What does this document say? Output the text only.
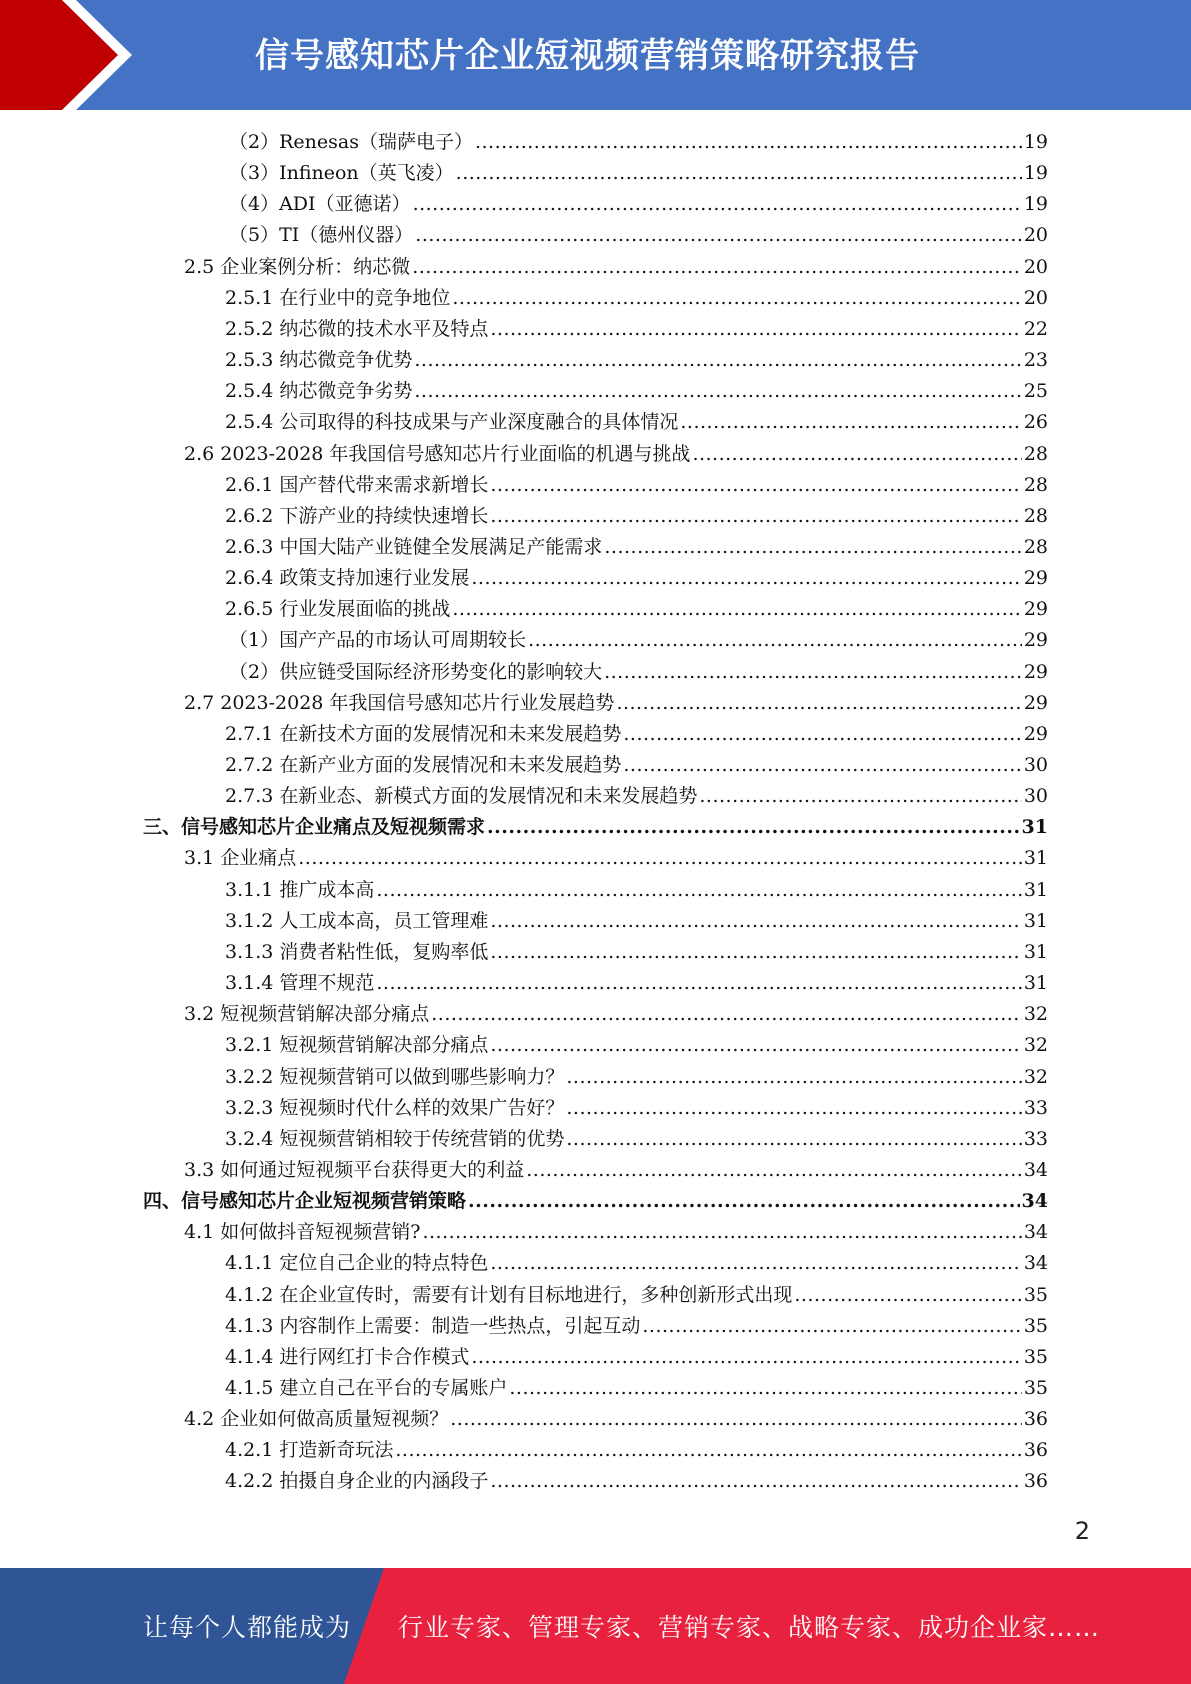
信号感知芯片企业短视频营销策略研究报告
（2）Renesas（瑞萨电子） .....	19
（3）Infineon（英飞凌） .....	19
（4）ADI（亚德诺） .....	19
（5）TI（德州仪器） .....	20
2.5 企业案例分析：纳芯微 .....	20
2.5.1 在行业中的竞争地位 .....	20
2.5.2 纳芯微的技术水平及特点 .....	22
2.5.3 纳芯微竞争优势 .....	23
2.5.4 纳芯微竞争劣势 .....	25
2.5.4 公司取得的科技成果与产业深度融合的具体情况 .....	26
2.6 2023-2028 年我国信号感知芯片行业面临的机遇与挑战 .....	28
2.6.1 国产替代带来需求新增长 .....	28
2.6.2 下游产业的持续快速增长 .....	28
2.6.3 中国大陆产业链健全发展满足产能需求 .....	28
2.6.4 政策支持加速行业发展 .....	29
2.6.5 行业发展面临的挑战 .....	29
（1）国产产品的市场认可周期较长 .....	29
（2）供应链受国际经济形势变化的影响较大 .....	29
2.7 2023-2028 年我国信号感知芯片行业发展趋势 .....	29
2.7.1 在新技术方面的发展情况和未来发展趋势 .....	29
2.7.2 在新产业方面的发展情况和未来发展趋势 .....	30
2.7.3 在新业态、新模式方面的发展情况和未来发展趋势 .....	30
三、信号感知芯片企业痛点及短视频需求 .....	31
3.1 企业痛点 .....	31
3.1.1 推广成本高 .....	31
3.1.2 人工成本高，员工管理难 .....	31
3.1.3 消费者粘性低，复购率低 .....	31
3.1.4 管理不规范 .....	31
3.2 短视频营销解决部分痛点 .....	32
3.2.1 短视频营销解决部分痛点 .....	32
3.2.2 短视频营销可以做到哪些影响力？ .....	32
3.2.3 短视频时代什么样的效果广告好？ .....	33
3.2.4 短视频营销相较于传统营销的优势 .....	33
3.3 如何通过短视频平台获得更大的利益 .....	34
四、信号感知芯片企业短视频营销策略 .....	34
4.1 如何做抖音短视频营销? .....	34
4.1.1 定位自己企业的特点特色 .....	34
4.1.2 在企业宣传时，需要有计划有目标地进行，多种创新形式出现 .....	35
4.1.3 内容制作上需要：制造一些热点，引起互动 .....	35
4.1.4 进行网红打卡合作模式 .....	35
4.1.5 建立自己在平台的专属账户 .....	35
4.2 企业如何做高质量短视频？ .....	36
4.2.1 打造新奇玩法 .....	36
4.2.2 拍摄自身企业的内涵段子 .....	36
2
让每个人都能成为 行业专家、管理专家、营销专家、战略专家、成功企业家……
